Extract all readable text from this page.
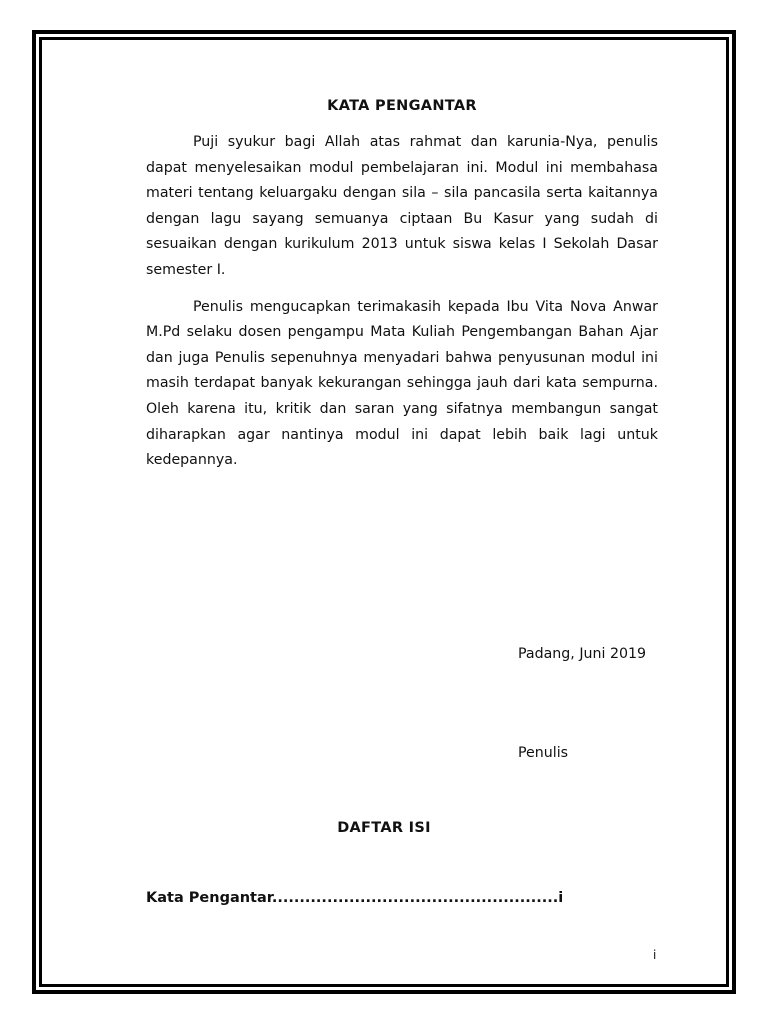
KATA PENGANTAR

Puji syukur bagi Allah atas rahmat dan karunia-Nya, penulis dapat menyelesaikan modul pembelajaran ini. Modul ini membahasa materi tentang keluargaku dengan sila – sila pancasila serta kaitannya dengan lagu sayang semuanya ciptaan Bu Kasur yang sudah di sesuaikan dengan kurikulum 2013 untuk siswa kelas I Sekolah Dasar semester I.

Penulis mengucapkan terimakasih kepada Ibu Vita Nova Anwar M.Pd selaku dosen pengampu Mata Kuliah Pengembangan Bahan Ajar dan juga Penulis sepenuhnya menyadari bahwa penyusunan modul ini masih terdapat banyak kekurangan sehingga jauh dari kata sempurna. Oleh karena itu, kritik dan saran yang sifatnya membangun sangat diharapkan agar nantinya modul ini dapat lebih baik lagi untuk kedepannya.

Padang, Juni 2019
Penulis
DAFTAR ISI
Kata Pengantar....................................................i
i
